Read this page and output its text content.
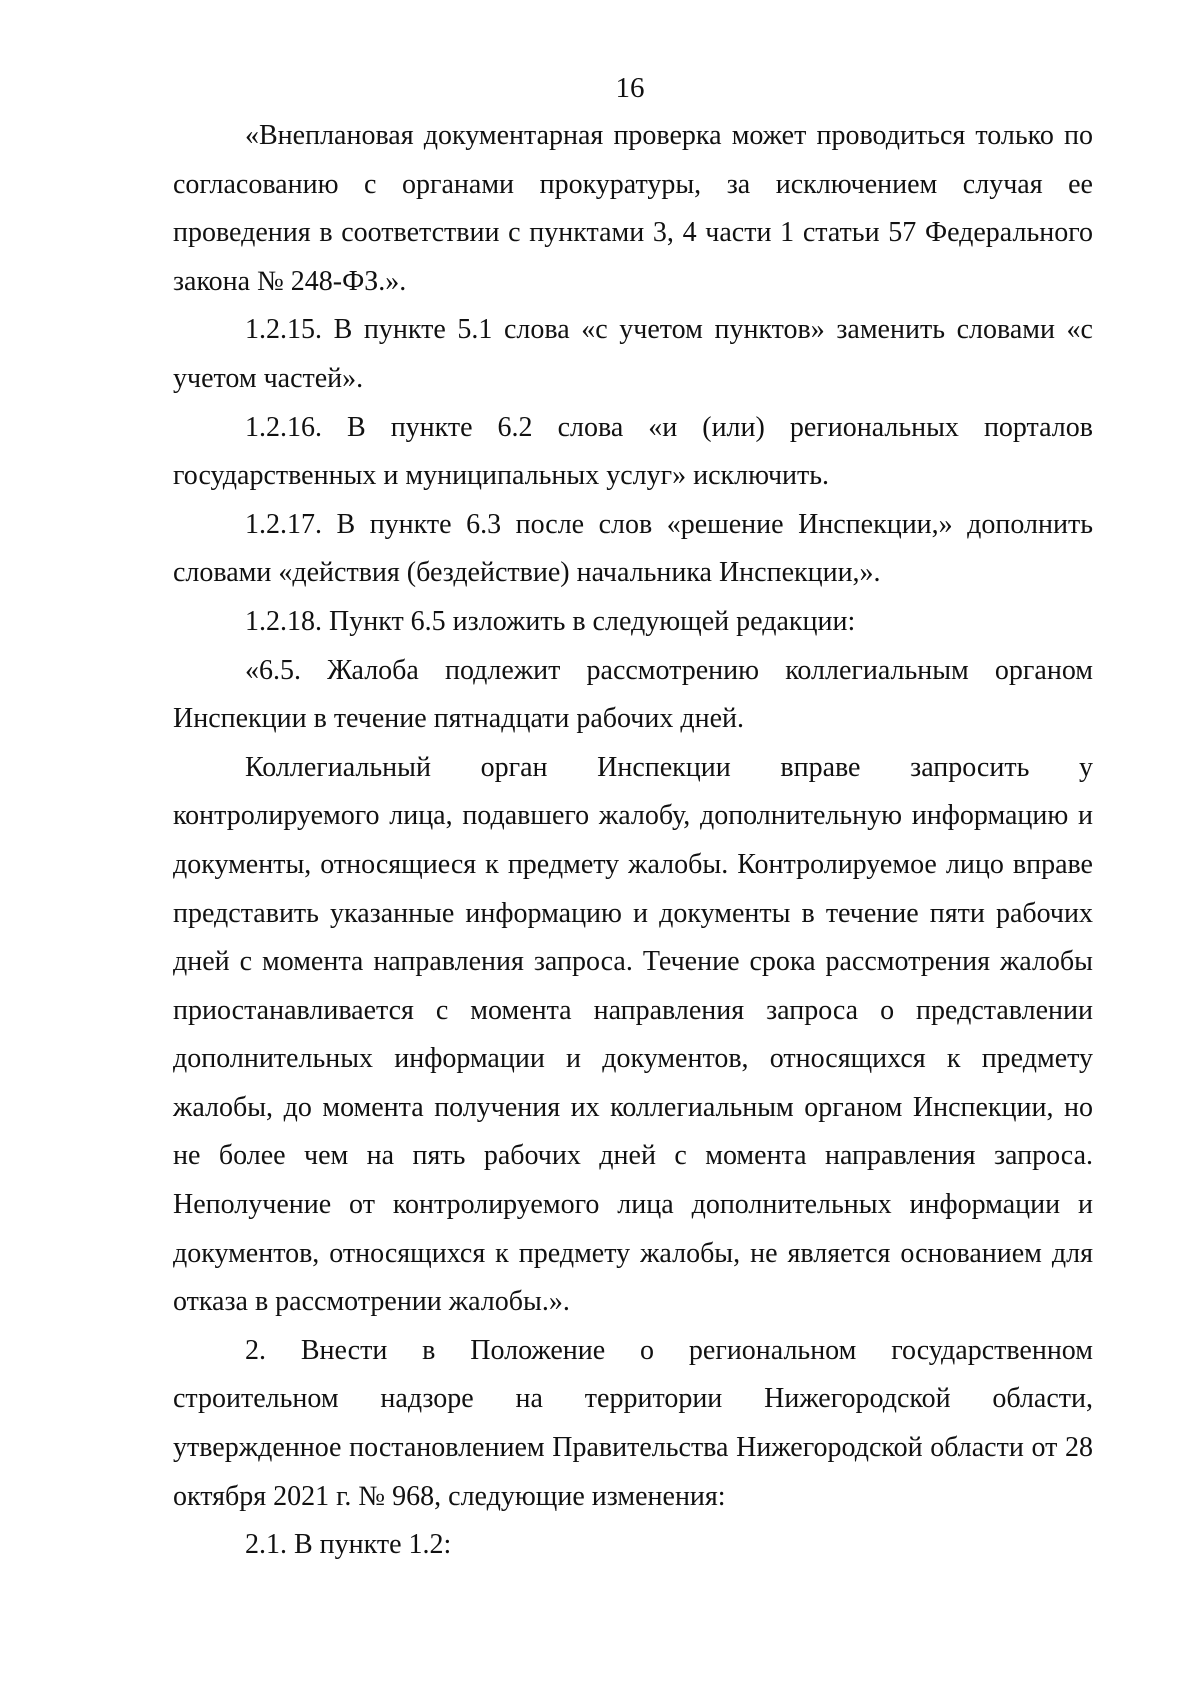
16

«Внеплановая документарная проверка может проводиться только по согласованию с органами прокуратуры, за исключением случая ее проведения в соответствии с пунктами 3, 4 части 1 статьи 57 Федерального закона № 248-ФЗ.».

1.2.15. В пункте 5.1 слова «с учетом пунктов» заменить словами «с учетом частей».

1.2.16. В пункте 6.2 слова «и (или) региональных порталов государственных и муниципальных услуг» исключить.

1.2.17. В пункте 6.3 после слов «решение Инспекции,» дополнить словами «действия (бездействие) начальника Инспекции,».

1.2.18. Пункт 6.5 изложить в следующей редакции:

«6.5. Жалоба подлежит рассмотрению коллегиальным органом Инспекции в течение пятнадцати рабочих дней.

Коллегиальный орган Инспекции вправе запросить у контролируемого лица, подавшего жалобу, дополнительную информацию и документы, относящиеся к предмету жалобы. Контролируемое лицо вправе представить указанные информацию и документы в течение пяти рабочих дней с момента направления запроса. Течение срока рассмотрения жалобы приостанавливается с момента направления запроса о представлении дополнительных информации и документов, относящихся к предмету жалобы, до момента получения их коллегиальным органом Инспекции, но не более чем на пять рабочих дней с момента направления запроса. Неполучение от контролируемого лица дополнительных информации и документов, относящихся к предмету жалобы, не является основанием для отказа в рассмотрении жалобы.».

2. Внести в Положение о региональном государственном строительном надзоре на территории Нижегородской области, утвержденное постановлением Правительства Нижегородской области от 28 октября 2021 г. № 968, следующие изменения:

2.1. В пункте 1.2:
